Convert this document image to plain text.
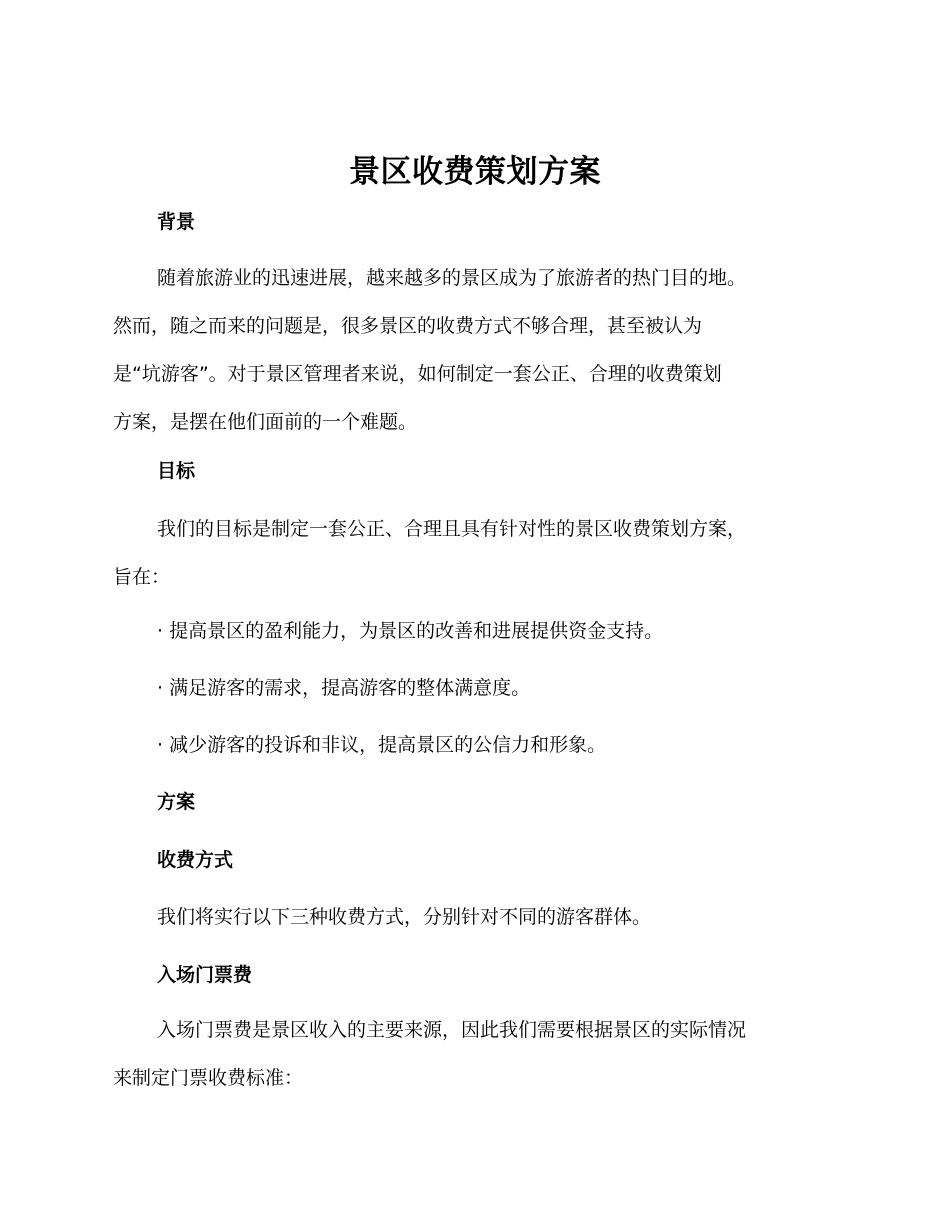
景区收费策划方案
背景
随着旅游业的迅速进展，越来越多的景区成为了旅游者的热门目的地。
然而，随之而来的问题是，很多景区的收费方式不够合理，甚至被认为
是“坑游客”。对于景区管理者来说，如何制定一套公正、合理的收费策划
方案，是摆在他们面前的一个难题。
目标
我们的目标是制定一套公正、合理且具有针对性的景区收费策划方案，
旨在：
· 提高景区的盈利能力，为景区的改善和进展提供资金支持。
· 满足游客的需求，提高游客的整体满意度。
· 减少游客的投诉和非议，提高景区的公信力和形象。
方案
收费方式
我们将实行以下三种收费方式，分别针对不同的游客群体。
入场门票费
入场门票费是景区收入的主要来源，因此我们需要根据景区的实际情况
来制定门票收费标准：
